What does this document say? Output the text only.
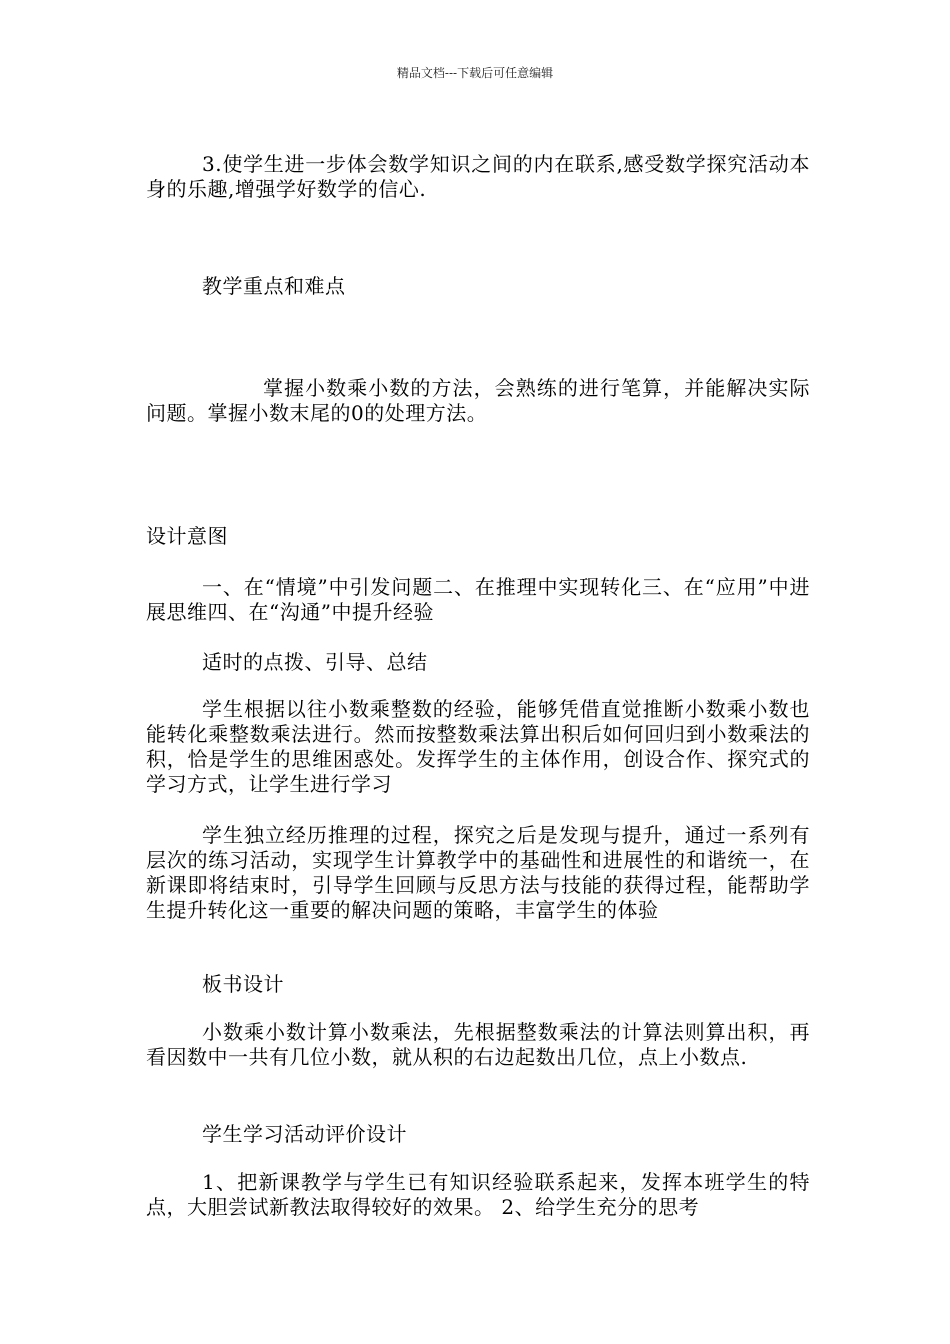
精品文档---下载后可任意编辑

3.使学生进一步体会数学知识之间的内在联系,感受数学探究活动本身的乐趣,增强学好数学的信心.

教学重点和难点

掌握小数乘小数的方法，会熟练的进行笔算，并能解决实际问题。掌握小数末尾的0的处理方法。

设计意图

一、在“情境”中引发问题二、在推理中实现转化三、在“应用”中进展思维四、在“沟通”中提升经验

适时的点拨、引导、总结

学生根据以往小数乘整数的经验，能够凭借直觉推断小数乘小数也能转化乘整数乘法进行。然而按整数乘法算出积后如何回归到小数乘法的积，恰是学生的思维困惑处。发挥学生的主体作用，创设合作、探究式的学习方式，让学生进行学习

学生独立经历推理的过程，探究之后是发现与提升，通过一系列有层次的练习活动，实现学生计算教学中的基础性和进展性的和谐统一，在新课即将结束时，引导学生回顾与反思方法与技能的获得过程，能帮助学生提升转化这一重要的解决问题的策略，丰富学生的体验

板书设计

小数乘小数计算小数乘法，先根据整数乘法的计算法则算出积，再看因数中一共有几位小数，就从积的右边起数出几位，点上小数点.

学生学习活动评价设计

1、把新课教学与学生已有知识经验联系起来，发挥本班学生的特点，大胆尝试新教法取得较好的效果。 2、给学生充分的思考
